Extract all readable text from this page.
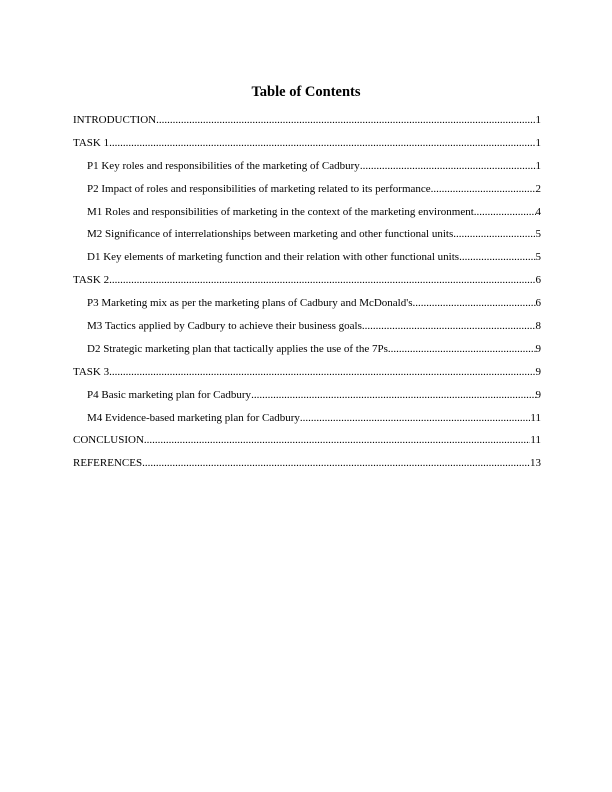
Table of Contents
INTRODUCTION .....	1
TASK 1 .....	1
P1 Key roles and responsibilities of the marketing of Cadbury .....	1
P2 Impact of roles and responsibilities of marketing related to its performance .....	2
M1 Roles and responsibilities of marketing in the context of the marketing environment .....	4
M2 Significance of interrelationships between marketing and other functional units .....	5
D1 Key elements of marketing function and their relation with other functional units .....	5
TASK 2 .....	6
P3 Marketing mix as per the marketing plans of Cadbury and McDonald's .....	6
M3 Tactics applied by Cadbury to achieve their business goals .....	8
D2 Strategic marketing plan that tactically applies the use of the 7Ps .....	9
TASK 3 .....	9
P4 Basic marketing plan for Cadbury .....	9
M4 Evidence-based marketing plan for Cadbury .....	11
CONCLUSION .....	11
REFERENCES .....	13
